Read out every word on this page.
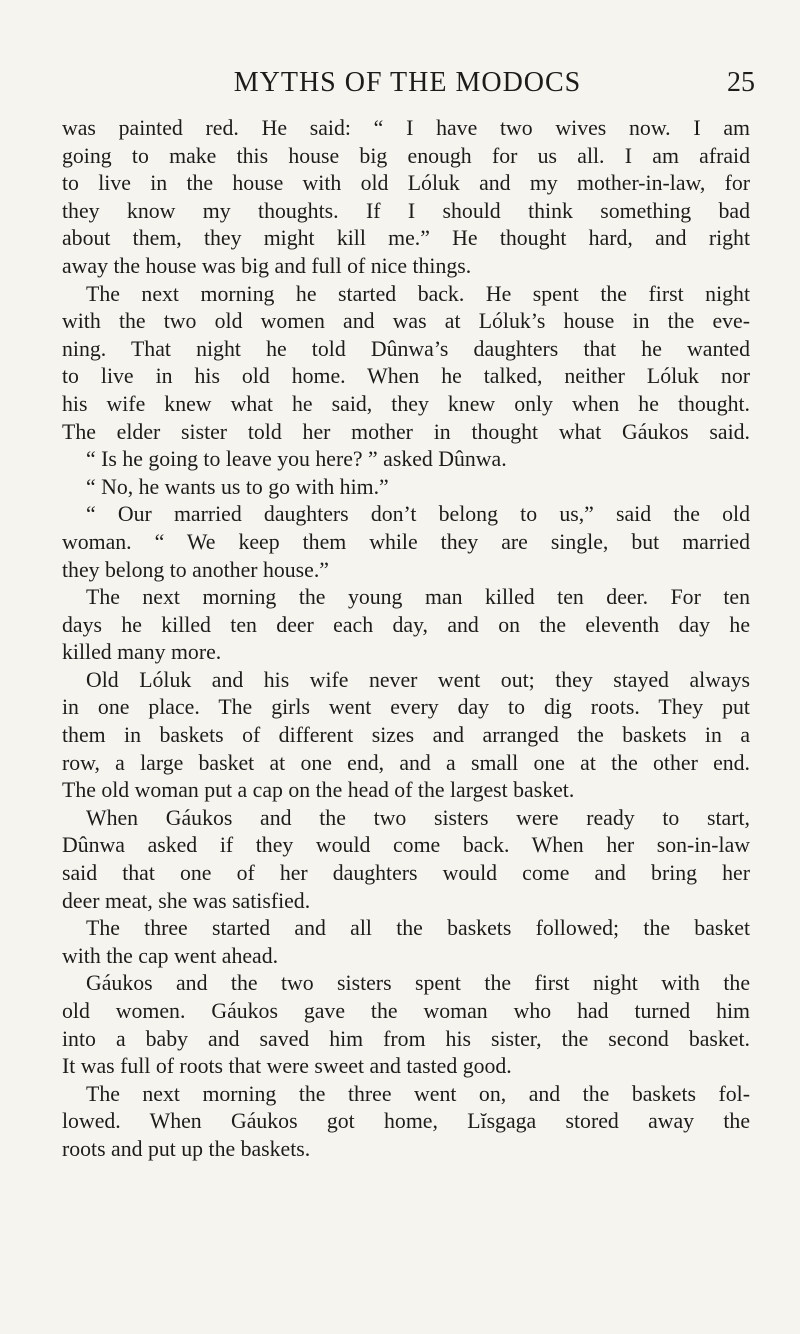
MYTHS OF THE MODOCS	25
was painted red. He said: “ I have two wives now. I am
going to make this house big enough for us all. I am afraid
to live in the house with old Lóluk and my mother-in-law, for
they know my thoughts. If I should think something bad
about them, they might kill me.” He thought hard, and right
away the house was big and full of nice things.
The next morning he started back. He spent the first night
with the two old women and was at Lóluk’s house in the eve-
ning. That night he told Dûnwa’s daughters that he wanted
to live in his old home. When he talked, neither Lóluk nor
his wife knew what he said, they knew only when he thought.
The elder sister told her mother in thought what Gáukos said.
“ Is he going to leave you here? ” asked Dûnwa.
“ No, he wants us to go with him.”
“ Our married daughters don’t belong to us,” said the old
woman. “ We keep them while they are single, but married
they belong to another house.”
The next morning the young man killed ten deer. For ten
days he killed ten deer each day, and on the eleventh day he
killed many more.
Old Lóluk and his wife never went out; they stayed always
in one place. The girls went every day to dig roots. They put
them in baskets of different sizes and arranged the baskets in a
row, a large basket at one end, and a small one at the other end.
The old woman put a cap on the head of the largest basket.
When Gáukos and the two sisters were ready to start,
Dûnwa asked if they would come back. When her son-in-law
said that one of her daughters would come and bring her
deer meat, she was satisfied.
The three started and all the baskets followed; the basket
with the cap went ahead.
Gáukos and the two sisters spent the first night with the
old women. Gáukos gave the woman who had turned him
into a baby and saved him from his sister, the second basket.
It was full of roots that were sweet and tasted good.
The next morning the three went on, and the baskets fol-
lowed. When Gáukos got home, Lĭsgaga stored away the
roots and put up the baskets.
